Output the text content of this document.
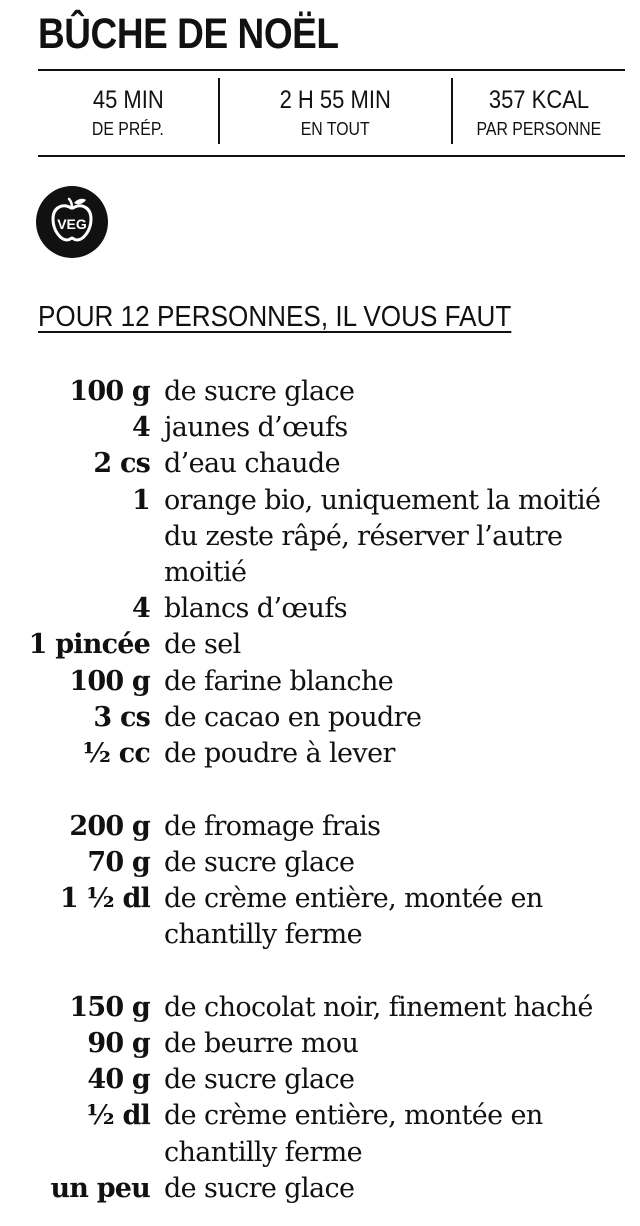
BÛCHE DE NOËL
45 MIN
DE PRÉP.
2 H 55 MIN
EN TOUT
357 KCAL
PAR PERSONNE
VEG
POUR 12 PERSONNES, IL VOUS FAUT
100 g de sucre glace
4 jaunes d’œufs
2 cs d’eau chaude
1 orange bio, uniquement la moitié
du zeste râpé, réserver l’autre
moitié
4 blancs d’œufs
1 pincée de sel
100 g de farine blanche
3 cs de cacao en poudre
½ cc de poudre à lever
200 g de fromage frais
70 g de sucre glace
1 ½ dl de crème entière, montée en
chantilly ferme
150 g de chocolat noir, finement haché
90 g de beurre mou
40 g de sucre glace
½ dl de crème entière, montée en
chantilly ferme
un peu de sucre glace
